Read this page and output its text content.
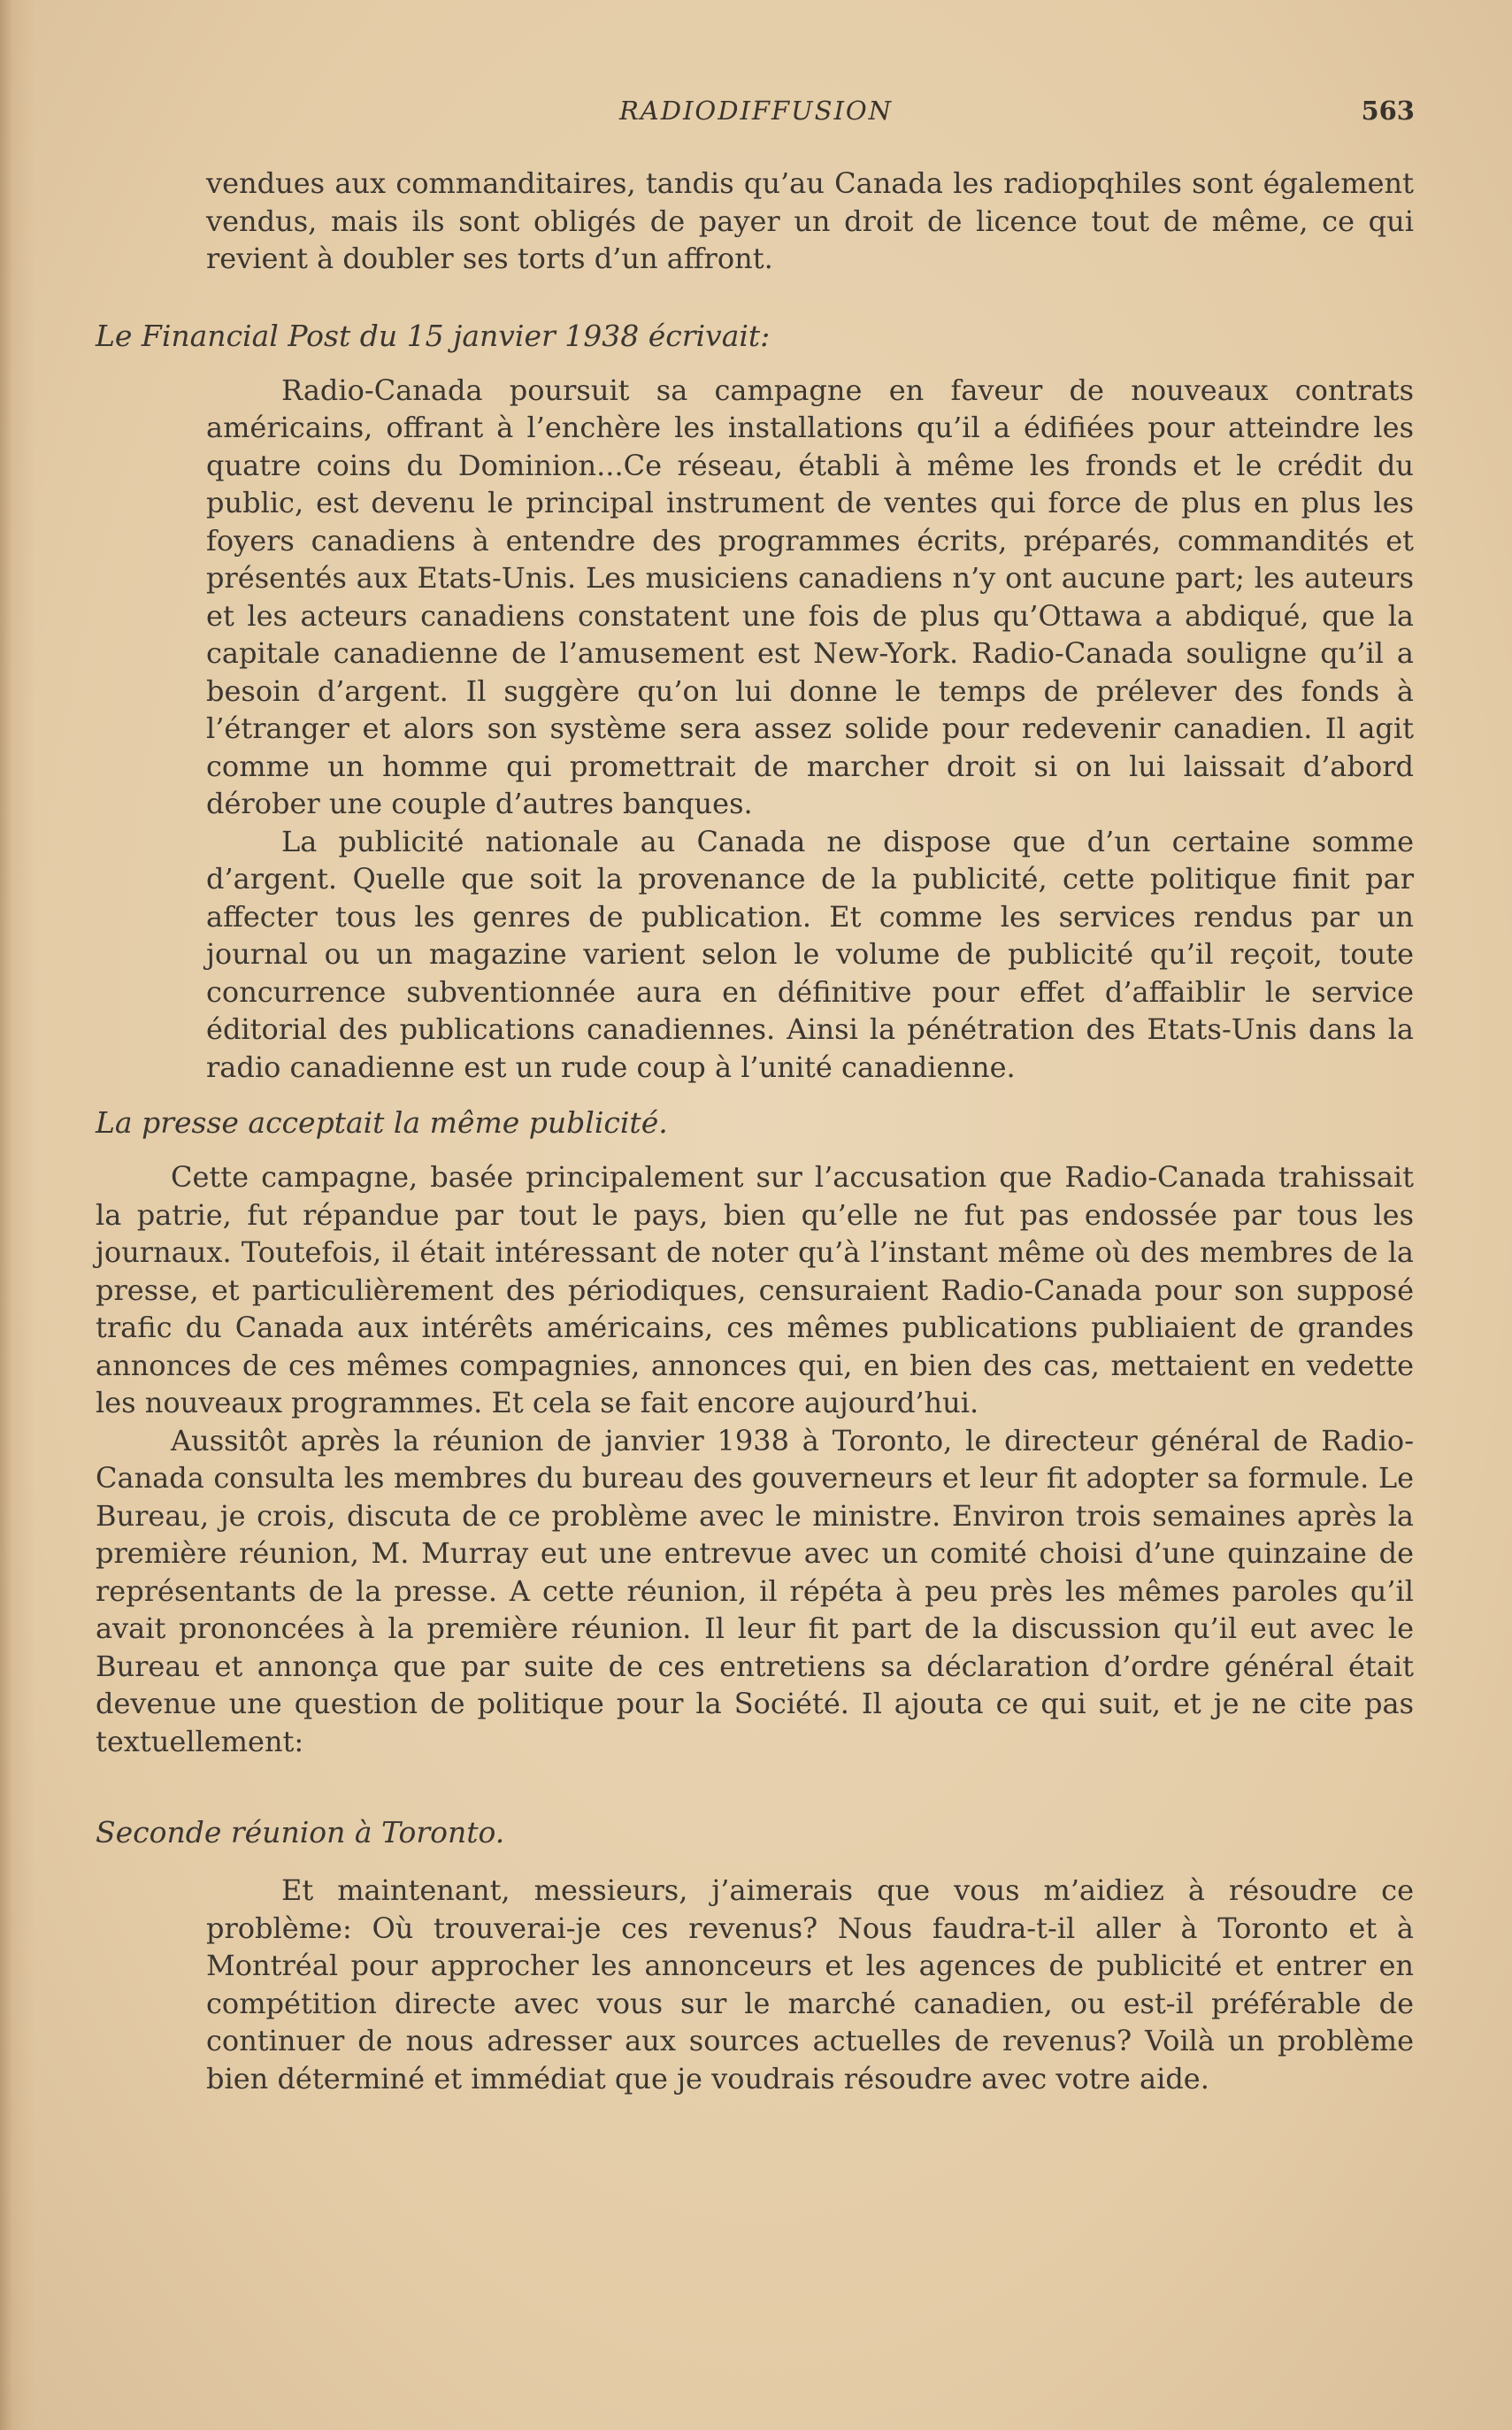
RADIODIFFUSION	563

vendues aux commanditaires, tandis qu’au Canada les radiopqhiles sont également vendus, mais ils sont obligés de payer un droit de licence tout de même, ce qui revient à doubler ses torts d’un affront.

Le Financial Post du 15 janvier 1938 écrivait:

Radio-Canada poursuit sa campagne en faveur de nouveaux contrats américains, offrant à l’enchère les installations qu’il a édifiées pour atteindre les quatre coins du Dominion...Ce réseau, établi à même les fronds et le crédit du public, est devenu le principal instrument de ventes qui force de plus en plus les foyers canadiens à entendre des programmes écrits, préparés, commandités et présentés aux Etats-Unis. Les musiciens canadiens n’y ont aucune part; les auteurs et les acteurs canadiens constatent une fois de plus qu’Ottawa a abdiqué, que la capitale canadienne de l’amusement est New-York. Radio-Canada souligne qu’il a besoin d’argent. Il suggère qu’on lui donne le temps de prélever des fonds à l’étranger et alors son système sera assez solide pour redevenir canadien. Il agit comme un homme qui promettrait de marcher droit si on lui laissait d’abord dérober une couple d’autres banques.

La publicité nationale au Canada ne dispose que d’un certaine somme d’argent. Quelle que soit la provenance de la publicité, cette politique finit par affecter tous les genres de publication. Et comme les services rendus par un journal ou un magazine varient selon le volume de publicité qu’il reçoit, toute concurrence subventionnée aura en définitive pour effet d’affaiblir le service éditorial des publications canadiennes. Ainsi la pénétration des Etats-Unis dans la radio canadienne est un rude coup à l’unité canadienne.

La presse acceptait la même publicité.

Cette campagne, basée principalement sur l’accusation que Radio-Canada trahissait la patrie, fut répandue par tout le pays, bien qu’elle ne fut pas endossée par tous les journaux. Toutefois, il était intéressant de noter qu’à l’instant même où des membres de la presse, et particulièrement des périodiques, censuraient Radio-Canada pour son supposé trafic du Canada aux intérêts américains, ces mêmes publications publiaient de grandes annonces de ces mêmes compagnies, annonces qui, en bien des cas, mettaient en vedette les nouveaux programmes. Et cela se fait encore aujourd’hui.

Aussitôt après la réunion de janvier 1938 à Toronto, le directeur général de Radio-Canada consulta les membres du bureau des gouverneurs et leur fit adopter sa formule. Le Bureau, je crois, discuta de ce problème avec le ministre. Environ trois semaines après la première réunion, M. Murray eut une entrevue avec un comité choisi d’une quinzaine de représentants de la presse. A cette réunion, il répéta à peu près les mêmes paroles qu’il avait prononcées à la première réunion. Il leur fit part de la discussion qu’il eut avec le Bureau et annonça que par suite de ces entretiens sa déclaration d’ordre général était devenue une question de politique pour la Société. Il ajouta ce qui suit, et je ne cite pas textuellement:

Seconde réunion à Toronto.

Et maintenant, messieurs, j’aimerais que vous m’aidiez à résoudre ce problème: Où trouverai-je ces revenus? Nous faudra-t-il aller à Toronto et à Montréal pour approcher les annonceurs et les agences de publicité et entrer en compétition directe avec vous sur le marché canadien, ou est-il préférable de continuer de nous adresser aux sources actuelles de revenus? Voilà un problème bien déterminé et immédiat que je voudrais résoudre avec votre aide.
